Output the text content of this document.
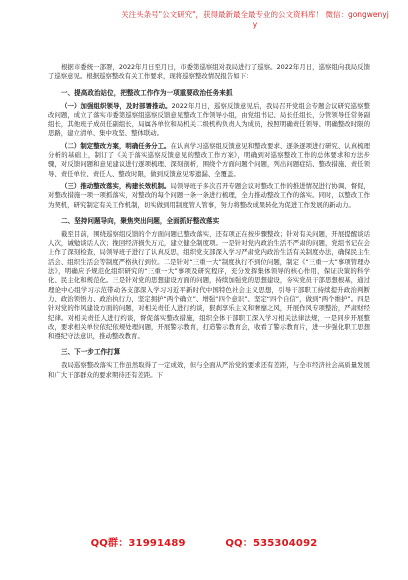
关注头条号"公文研究"，获得最新最全最专业的公文资料库！ 微信：gongwenyj
y

根据市委统一部署，2022年月日至月日，市委第巡察组对我局进行了巡察。2022年月日，巡察组向我局反馈了巡察意见。根据巡察整改有关工作要求，现将巡察整改情况报告如下：

一、提高政治站位，把整改工作作为一项重要政治任务来抓

（一）加强组织领导，及时部署推动。2022年月日，巡察反馈意见后，我局召开党组会专题会议研究巡察整改问题，成立了落实市委第巡察组巡察反馈意见整改工作领导小组，由党组书记、局长任组长，分管领导任常务副组长，其他班子成员任副组长，局属各单位和局机关二级机构负责人为成员，按照明确责任领导、明确整改时限的思路，建立清单、集中攻坚、整体联动。

（二）制定整改方案，明确任务分工。在认真学习巡察组反馈意见和整改要求、逐条逐项进行研究、认真梳理分析的基础上，制订了《关于落实巡察反馈意见的整改工作方案》，明确到对巡察整改工作的总体要求和方法步骤，对反馈问题和意见建议进行逐项梳理、深刻剖析，围绕个方面问题个问题，列出问题症结、整改措施、责任领导、责任单位、责任人、整改时限，做到反馈意见零遗漏、全覆盖。

（三）推动整改落实，构建长效机制。局领导班子多次召开专题会议对整改工作的推进情况进行协调、督促，对整改措施一项一项抓落实，对整改的每个问题一条一条进行梳理，全力推动整改工作的落实。同时，以整改工作为契机，研究制定有关工作机制，切实做到用制度管人管事，努力将整改成果转化为促进工作发展的新动力。

二、坚持问题导向，聚焦突出问题，全面抓好整改落实

截至目前，围绕巡察组反馈的个方面问题已整改落实，还有项正在按步骤整改；针对有关问题，开展提醒谈话人次，诫勉谈话人次；挽回经济损失万元，建立健全制度项。一是针对党内政治生活不严肃的问题，党组书记在会上作了深刻检查，局领导班子进行了认真反思，组织党支部深入学习严肃党内政治生活有关制度办法，确保民主生活会、组织生活会等制度严格执行到位。二是针对“三重一大”制度执行不到位问题，制定《“三重一大”事项管理办法》，明确应予规范化组织研究的“三重一大”事项及研究程序，充分发挥集体领导的核心作用，保证决策的科学化、民主化和规范化。三是针对党的思想建设方面的问题，持续加强党的思想建设，夯实党员干部思想根基，通过理论中心组学习示范带动各支部深入学习习近平新时代中国特色社会主义思想，引导干部职工持续提升政治判断力、政治领悟力、政治执行力，坚定拥护“两个确立”、增强“四个意识”、坚定“四个自信”，做到“两个维护”。四是针对党的作风建设方面的问题，对相关责任人进行约谈，狠刹享乐主义和奢靡之风，开展作风专项整治，严肃财经纪律。对相关责任人进行约谈，督促落实整改措施，组织全体干部职工深入学习相关法律法规，一是同步开展整改，要求相关单位依纪依规处理问题，开展警示教育，打造警示教育会，收看了警示教育片，进一步强化职工思想和遵纪守法意识，推动整改教育。

三、下一步工作打算

我局巡察整改落实工作虽然取得了一定成效，但与全面从严治党的要求还有差距，与全市经济社会高质量发展和广大干部群众的要求期待还有差距。下

QQ群：31991489	QQ：535304092
